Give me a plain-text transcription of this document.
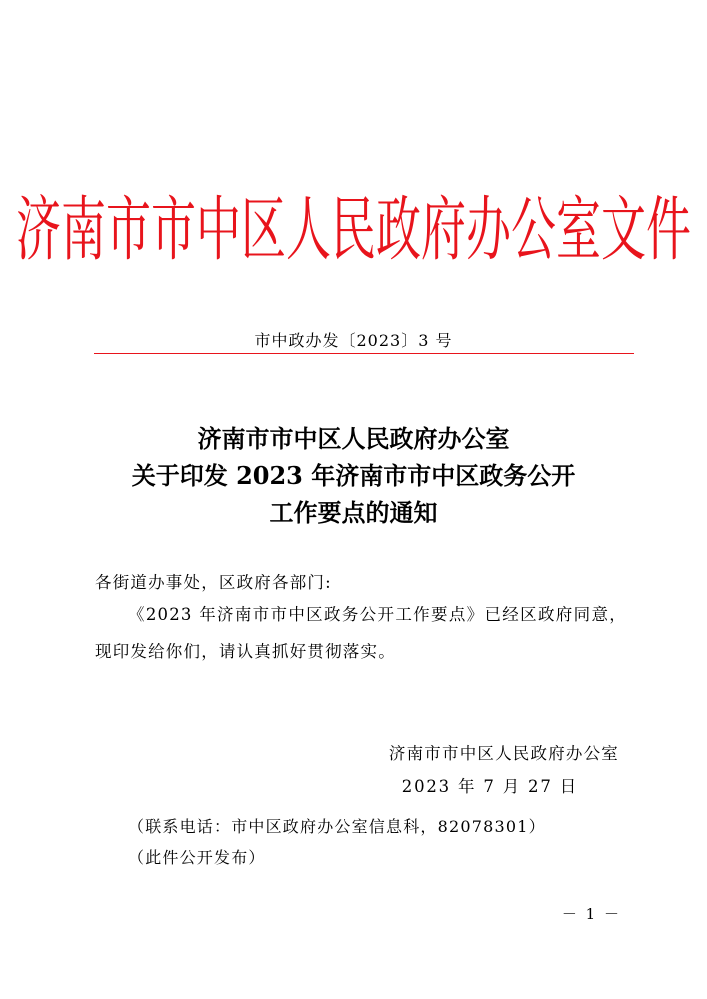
济南市市中区人民政府办公室文件
市中政办发〔2023〕3 号
济南市市中区人民政府办公室
关于印发 2023 年济南市市中区政务公开
工作要点的通知
各街道办事处，区政府各部门:
《2023 年济南市市中区政务公开工作要点》已经区政府同意，现印发给你们，请认真抓好贯彻落实。
济南市市中区人民政府办公室
2023 年 7 月 27 日
（联系电话：市中区政府办公室信息科，82078301）
（此件公开发布）
－ 1 －
